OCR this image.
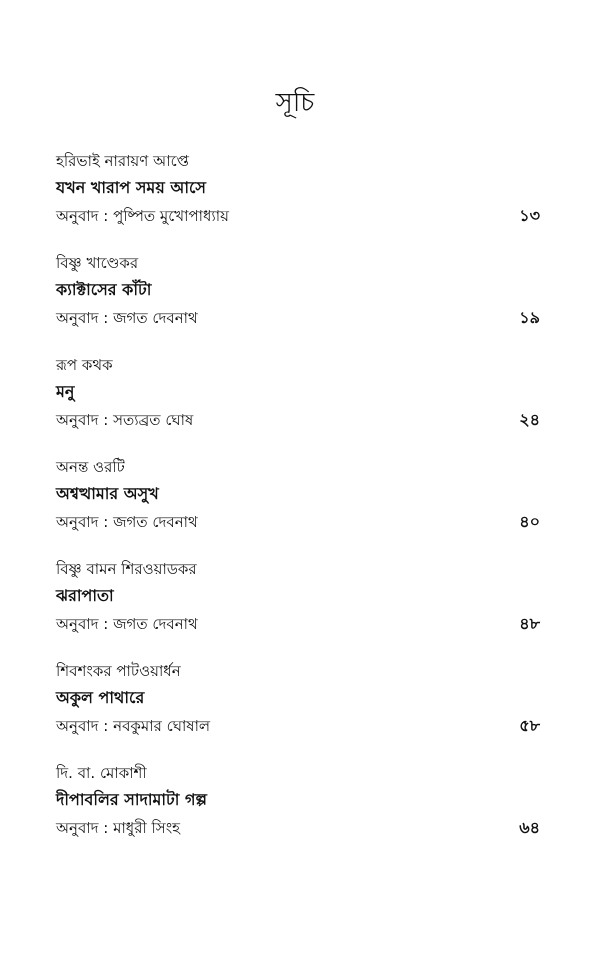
সূচি
হরিভাই নারায়ণ আপ্তে
যখন খারাপ সময় আসে
অনুবাদ : পুষ্পিত মুখোপাধ্যায়	১৩
বিষ্ণু খাণ্ডেকর
ক্যাক্টাসের কাঁটা
অনুবাদ : জগত দেবনাথ	১৯
রূপ কথক
মনু
অনুবাদ : সত্যব্রত ঘোষ	২৪
অনন্ত ওরটি
অশ্বত্থামার অসুখ
অনুবাদ : জগত দেবনাথ	৪০
বিষ্ণু বামন শিরওয়াডকর
ঝরাপাতা
অনুবাদ : জগত দেবনাথ	৪৮
শিবশংকর পাটওয়ার্ধন
অকুল পাথারে
অনুবাদ : নবকুমার ঘোষাল	৫৮
দি. বা. মোকাশী
দীপাবলির সাদামাটা গল্প
অনুবাদ : মাধুরী সিংহ	৬৪
